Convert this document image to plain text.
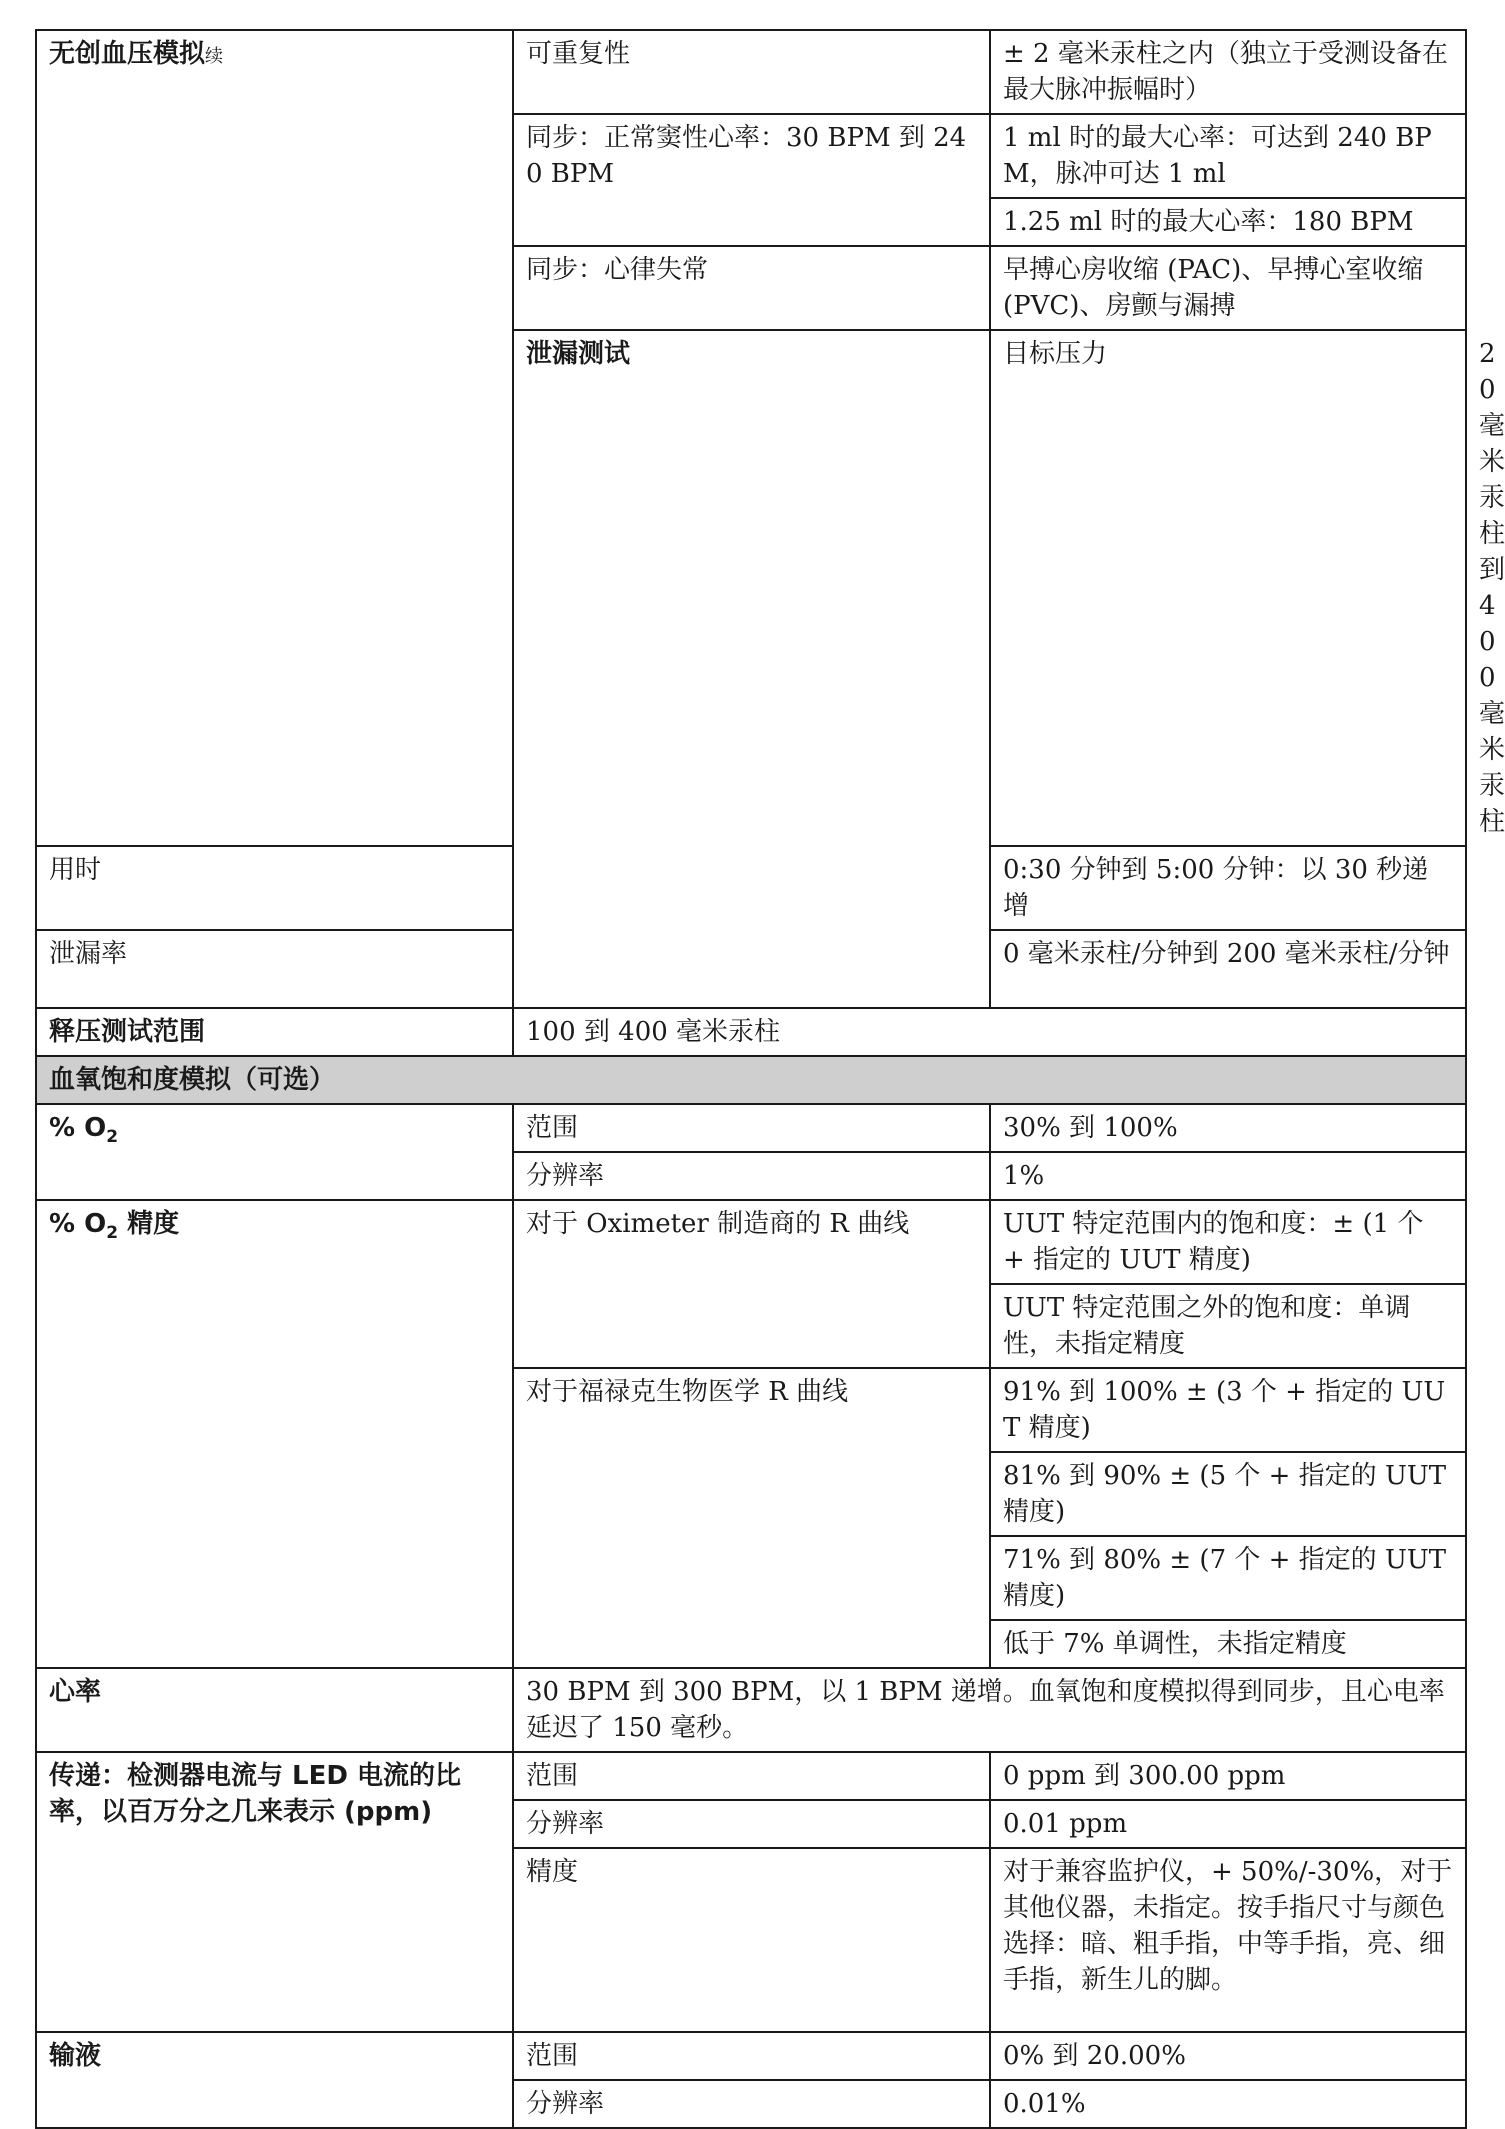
无创血压模拟续	可重复性	± 2 毫米汞柱之内（独立于受测设备在最大脉冲振幅时）	
	同步：正常窦性心率：30 BPM 到 240 BPM	1 ml 时的最大心率：可达到 240 BPM，脉冲可达 1 ml	
		1.25 ml 时的最大心率：180 BPM	
	同步：心律失常	早搏心房收缩 (PAC)、早搏心室收缩 (PVC)、房颤与漏搏	
	泄漏测试	目标压力	20 毫米汞柱到 400 毫米汞柱
用时		0:30 分钟到 5:00 分钟：以 30 秒递增	
泄漏率		0 毫米汞柱/分钟到 200 毫米汞柱/分钟	
释压测试范围	100 到 400 毫米汞柱		
血氧饱和度模拟（可选）			
% $O_2$	范围	30% 到 100%	
	分辨率	1%	
% $O_2$ 精度	对于 Oximeter 制造商的 R 曲线	UUT 特定范围内的饱和度：± (1 个 + 指定的 UUT 精度)	
		UUT 特定范围之外的饱和度：单调性，未指定精度	
	对于福禄克生物医学 R 曲线	91% 到 100% ± (3 个 + 指定的 UUT 精度)	
		81% 到 90% ± (5 个 + 指定的 UUT 精度)	
		71% 到 80% ± (7 个 + 指定的 UUT 精度)	
		低于 7% 单调性，未指定精度	
心率	30 BPM 到 300 BPM，以 1 BPM 递增。血氧饱和度模拟得到同步，且心电率延迟了 150 毫秒。		
传递：检测器电流与 LED 电流的比率，以百万分之几来表示 (ppm)	范围	0 ppm 到 300.00 ppm	
	分辨率	0.01 ppm	
	精度	对于兼容监护仪，+ 50%/-30%，对于其他仪器，未指定。按手指尺寸与颜色选择：暗、粗手指，中等手指，亮、细手指，新生儿的脚。	
输液	范围	0% 到 20.00%	
	分辨率	0.01%	
